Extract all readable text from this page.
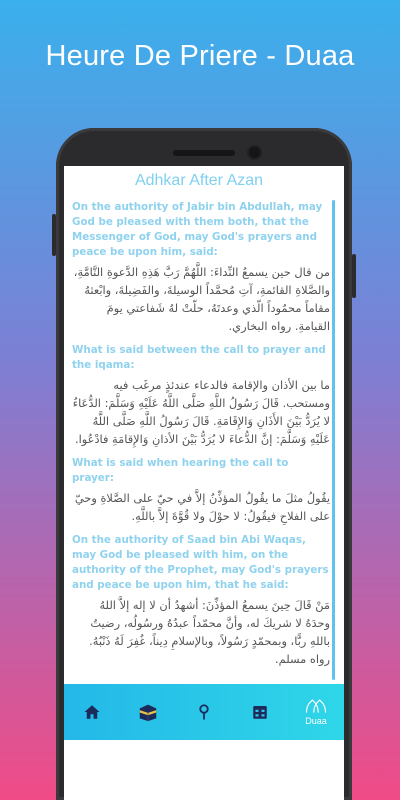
Heure De Priere - Duaa
Adhkar After Azan
On the authority of Jabir bin Abdullah, may God be pleased with them both, that the Messenger of God, may God's prayers and peace be upon him, said:
من قال حين يسمعُ النِّداءَ: اللَّهُمَّ رَبَّ هَذِهِ الدَّعوةِ التَّامَّةِ، والصَّلاةِ القائمةِ، آتِ مُحمَّداً الوسيلةَ، والفَضِيلةَ، وابْعثهُ مقاماً محمُوداً الّذي وعدتَهُ، حلّتْ لهُ شَفاعتي يومَ القيامةِ. رواه البخاري.
What is said between the call to prayer and the iqama:
ما بين الأذان والإقامة فالدعاء عندئذٍ مرغَب فيه ومستحب. قَالَ رَسُولُ اللَّهِ صَلَّى اللَّهُ عَلَيْهِ وَسَلَّمَ: الدُّعَاءُ لا يُرَدُّ بَيْنَ الأَذَانِ وَالإِقَامَةِ. قَالَ رَسُولُ اللَّهِ صَلَّى اللَّهُ عَلَيْهِ وَسَلَّمَ: إنَّ الدُّعاءَ لا يُرَدُّ بَيْنَ الأذانِ وَالإِقامَةِ فادْعُوا.
What is said when hearing the call to prayer:
يقُولُ مثلَ ما يقُولُ المؤذِّنُ إلاَّ في حيّ على الصَّلاةِ وحيّ على الفلاحِ فيقُولُ: لا حوْلَ ولا قُوَّةَ إلاَّ باللَّهِ.
On the authority of Saad bin Abi Waqas, may God be pleased with him, on the authority of the Prophet, may God's prayers and peace be upon him, that he said:
مَنْ قَالَ حِينَ يسمعُ المؤذِّنَ: أشهدُ أن لا إله إلاَّ اللهُ وحدَهُ لا شريكَ له، وأنَّ محمّداً عبدُهُ ورسُولُه، رضيتُ باللهِ ربًّا، وبمحمّدٍ رَسُولاً، وبالإسلامِ دِيناً، غُفِرَ لَهُ ذَنْبُهُ. رواه مسلم.
Duaa
